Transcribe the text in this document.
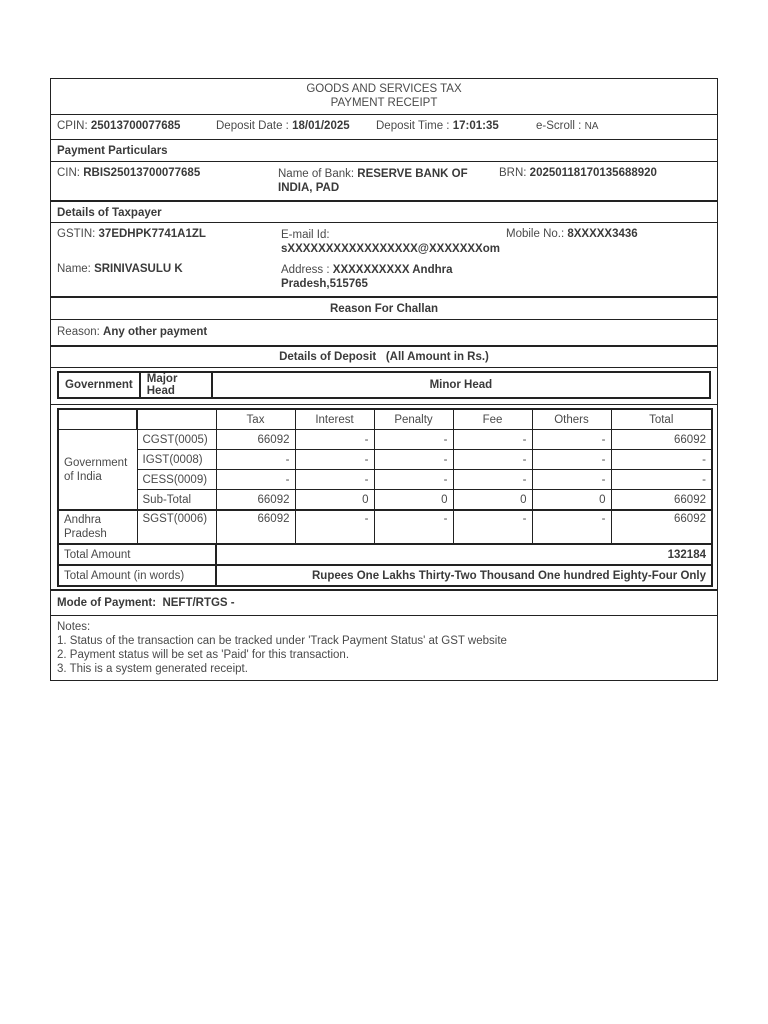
GOODS AND SERVICES TAX
PAYMENT RECEIPT
CPIN: 25013700077685	Deposit Date : 18/01/2025 Deposit Time : 17:01:35	e-Scroll : NA
Payment Particulars
CIN: RBIS25013700077685	Name of Bank: RESERVE BANK OF
INDIA, PAD
BRN: 20250118170135688920
Details of Taxpayer
GSTIN: 37EDHPK7741A1ZL	E-mail Id:
sXXXXXXXXXXXXXXXXX@XXXXXXXom
Mobile No.: 8XXXXX3436
Name: SRINIVASULU K	Address : XXXXXXXXXX Andhra
Pradesh,515765
Reason For Challan
Reason: Any other payment
Details of Deposit (All Amount in Rs.)
Government	Major Head	Minor Head
		Tax	Interest	Penalty	Fee	Others	Total
Government of India	CGST(0005)	66092	-	-	-	-	66092
	IGST(0008)	-	-	-	-	-	-
	CESS(0009)	-	-	-	-	-	-
	Sub-Total	66092	0	0	0	0	66092
Andhra Pradesh	SGST(0006)	66092	-	-	-	-	66092
Total Amount		132184					
Total Amount (in words)		Rupees One Lakhs Thirty-Two Thousand One hundred Eighty-Four Only					
Mode of Payment:  NEFT/RTGS -
Notes:
1. Status of the transaction can be tracked under 'Track Payment Status' at GST website
2. Payment status will be set as 'Paid' for this transaction.
3. This is a system generated receipt.
